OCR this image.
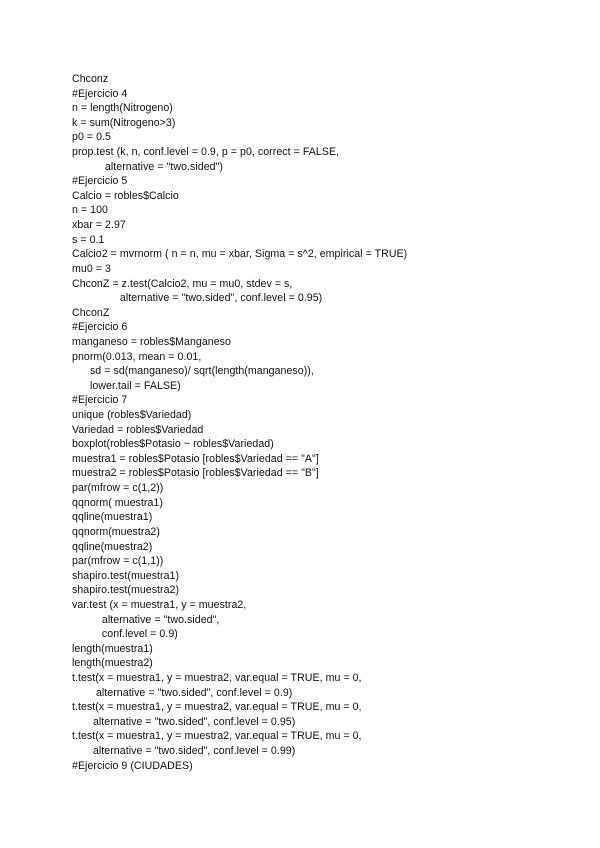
Chconz
#Ejercicio 4
n = length(Nitrogeno)
k = sum(Nitrogeno>3)
p0 = 0.5
prop.test (k, n, conf.level = 0.9, p = p0, correct = FALSE,
alternative = "two.sided")
#Ejercicio 5
Calcio = robles$Calcio
n = 100
xbar = 2.97
s = 0.1
Calcio2 = mvrnorm ( n = n, mu = xbar, Sigma = s^2, empirical = TRUE)
mu0 = 3
ChconZ = z.test(Calcio2, mu = mu0, stdev = s,
alternative = "two.sided", conf.level = 0.95)
ChconZ
#Ejercicio 6
manganeso = robles$Manganeso
pnorm(0.013, mean = 0.01,
sd = sd(manganeso)/ sqrt(length(manganeso)),
lower.tail = FALSE)
#Ejercicio 7
unique (robles$Variedad)
Variedad = robles$Variedad
boxplot(robles$Potasio ~ robles$Variedad)
muestra1 = robles$Potasio [robles$Variedad == "A"]
muestra2 = robles$Potasio [robles$Variedad == "B"]
par(mfrow = c(1,2))
qqnorm( muestra1)
qqline(muestra1)
qqnorm(muestra2)
qqline(muestra2)
par(mfrow = c(1,1))
shapiro.test(muestra1)
shapiro.test(muestra2)
var.test (x = muestra1, y = muestra2,
alternative = "two.sided",
conf.level = 0.9)
length(muestra1)
length(muestra2)
t.test(x = muestra1, y = muestra2, var.equal = TRUE, mu = 0,
alternative = "two.sided", conf.level = 0.9)
t.test(x = muestra1, y = muestra2, var.equal = TRUE, mu = 0,
alternative = "two.sided", conf.level = 0.95)
t.test(x = muestra1, y = muestra2, var.equal = TRUE, mu = 0,
alternative = "two.sided", conf.level = 0.99)
#Ejercicio 9 (CIUDADES)
